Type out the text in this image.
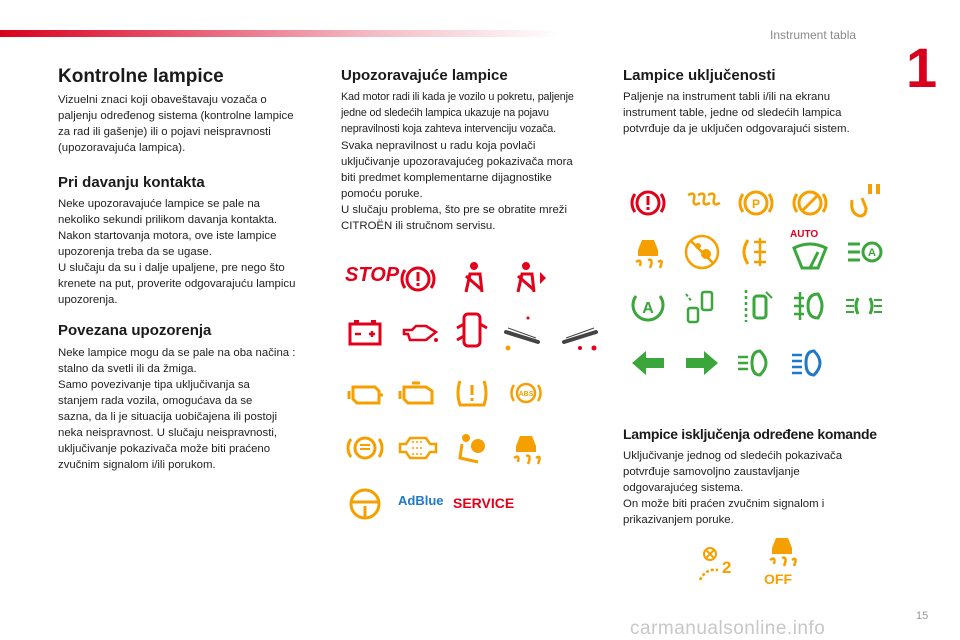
Instrument tabla
1
Kontrolne lampice
Vizuelni znaci koji obaveštavaju vozača o
paljenju određenog sistema (kontrolne lampice
za rad ili gašenje) ili o pojavi neispravnosti
(upozoravajuća lampica).
Pri davanju kontakta
Neke upozoravajuće lampice se pale na
nekoliko sekundi prilikom davanja kontakta.
Nakon startovanja motora, ove iste lampice
upozorenja treba da se ugase.
U slučaju da su i dalje upaljene, pre nego što
krenete na put, proverite odgovarajuću lampicu
upozorenja.
Povezana upozorenja
Neke lampice mogu da se pale na oba načina :
stalno da svetli ili da žmiga.
Samo povezivanje tipa uključivanja sa
stanjem rada vozila, omogućava da se
sazna, da li je situacija uobičajena ili postoji
neka neispravnost. U slučaju neispravnosti,
uključivanje pokazivača može biti praćeno
zvučnim signalom i/ili porukom.
Upozoravajuće lampice
Kad motor radi ili kada je vozilo u pokretu, paljenje
jedne od sledećih lampica ukazuje na pojavu
nepravilnosti koja zahteva intervenciju vozača.
Svaka nepravilnost u radu koja povlači
uključivanje upozoravajućeg pokazivača mora
biti predmet komplementarne dijagnostike
pomoću poruke.
U slučaju problema, što pre se obratite mreži
CITROËN ili stručnom servisu.
STOP
ABS
AdBlue SERVICE
Lampice uključenosti
Paljenje na instrument tabli i/ili na ekranu
instrument table, jedne od sledećih lampica
potvrđuje da je uključen odgovarajući sistem.
P
AUTO
A
A
Lampice isključenja određene komande
Uključivanje jednog od sledećih pokazivača
potvrđuje samovoljno zaustavljanje
odgovarajućeg sistema.
On može biti praćen zvučnim signalom i
prikazivanjem poruke.
2
OFF
15
carmanualsonline.info
